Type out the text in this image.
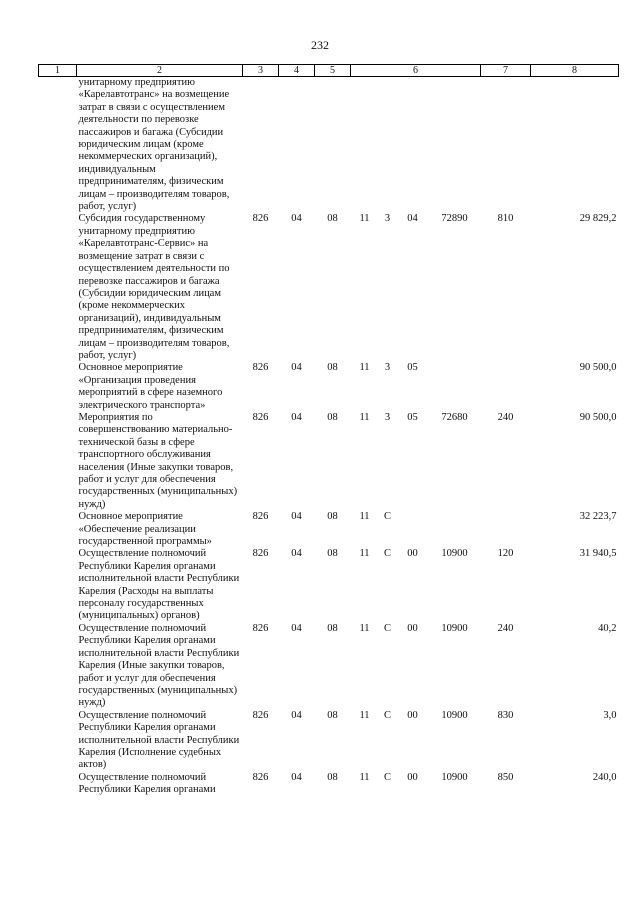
232
1	2	3	4	5	6				7	8
	унитарному предприятию «Карелавтотранс» на возмещение затрат в связи с осуществлением деятельности по перевозке пассажиров и багажа (Субсидии юридическим лицам (кроме некоммерческих организаций), индивидуальным предпринимателям, физическим лицам – производителям товаров, работ, услуг)									
	Субсидия государственному унитарному предприятию «Карелавтотранс-Сервис» на возмещение затрат в связи с осуществлением деятельности по перевозке пассажиров и багажа (Субсидии юридическим лицам (кроме некоммерческих организаций), индивидуальным предпринимателям, физическим лицам – производителям товаров, работ, услуг)	826	04	08	11	3	04	72890	810	29 829,2
	Основное мероприятие «Организация проведения мероприятий в сфере наземного электрического транспорта»	826	04	08	11	3	05			90 500,0
	Мероприятия по совершенствованию материально-технической базы в сфере транспортного обслуживания населения (Иные закупки товаров, работ и услуг для обеспечения государственных (муниципальных) нужд)	826	04	08	11	3	05	72680	240	90 500,0
	Основное мероприятие «Обеспечение реализации государственной программы»	826	04	08	11	С				32 223,7
	Осуществление полномочий Республики Карелия органами исполнительной власти Республики Карелия (Расходы на выплаты персоналу государственных (муниципальных) органов)	826	04	08	11	С	00	10900	120	31 940,5
	Осуществление полномочий Республики Карелия органами исполнительной власти Республики Карелия (Иные закупки товаров, работ и услуг для обеспечения государственных (муниципальных) нужд)	826	04	08	11	С	00	10900	240	40,2
	Осуществление полномочий Республики Карелия органами исполнительной власти Республики Карелия (Исполнение судебных актов)	826	04	08	11	С	00	10900	830	3,0
	Осуществление полномочий Республики Карелия органами	826	04	08	11	С	00	10900	850	240,0
